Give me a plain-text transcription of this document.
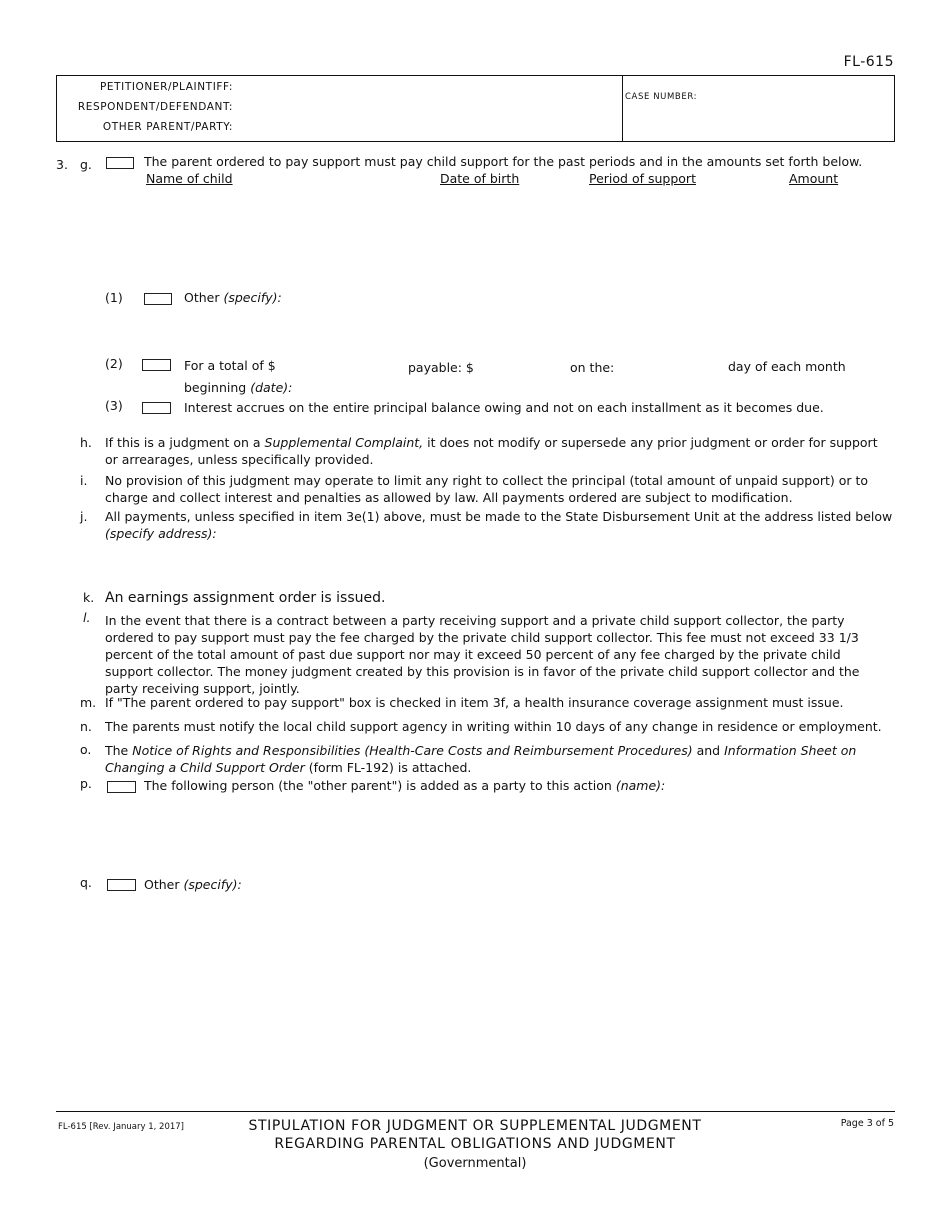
FL-615
PETITIONER/PLAINTIFF:
RESPONDENT/DEFENDANT:
OTHER PARENT/PARTY:
CASE NUMBER:
3. g.	The parent ordered to pay support must pay child support for the past periods and in the amounts set forth below.
Name of child	Date of birth	Period of support	Amount
(1)	Other (specify):
(2)	For a total of $	payable: $	on the:	day of each month
beginning (date):
(3)	Interest accrues on the entire principal balance owing and not on each installment as it becomes due.
h. If this is a judgment on a Supplemental Complaint, it does not modify or supersede any prior judgment or order for support or arrearages, unless specifically provided.
i. No provision of this judgment may operate to limit any right to collect the principal (total amount of unpaid support) or to charge and collect interest and penalties as allowed by law. All payments ordered are subject to modification.
j. All payments, unless specified in item 3e(1) above, must be made to the State Disbursement Unit at the address listed below
(specify address):
k. An earnings assignment order is issued.
l. In the event that there is a contract between a party receiving support and a private child support collector, the party ordered to pay support must pay the fee charged by the private child support collector. This fee must not exceed 33 1/3 percent of the total amount of past due support nor may it exceed 50 percent of any fee charged by the private child support collector. The money judgment created by this provision is in favor of the private child support collector and the party receiving support, jointly.
m. If "The parent ordered to pay support" box is checked in item 3f, a health insurance coverage assignment must issue.
n. The parents must notify the local child support agency in writing within 10 days of any change in residence or employment.
o. The Notice of Rights and Responsibilities (Health-Care Costs and Reimbursement Procedures) and Information Sheet on Changing a Child Support Order (form FL-192) is attached.
p.	The following person (the "other parent") is added as a party to this action (name):
q.	Other (specify):
FL-615 [Rev. January 1, 2017]	STIPULATION FOR JUDGMENT OR SUPPLEMENTAL JUDGMENT
REGARDING PARENTAL OBLIGATIONS AND JUDGMENT
(Governmental)
Page 3 of 5
